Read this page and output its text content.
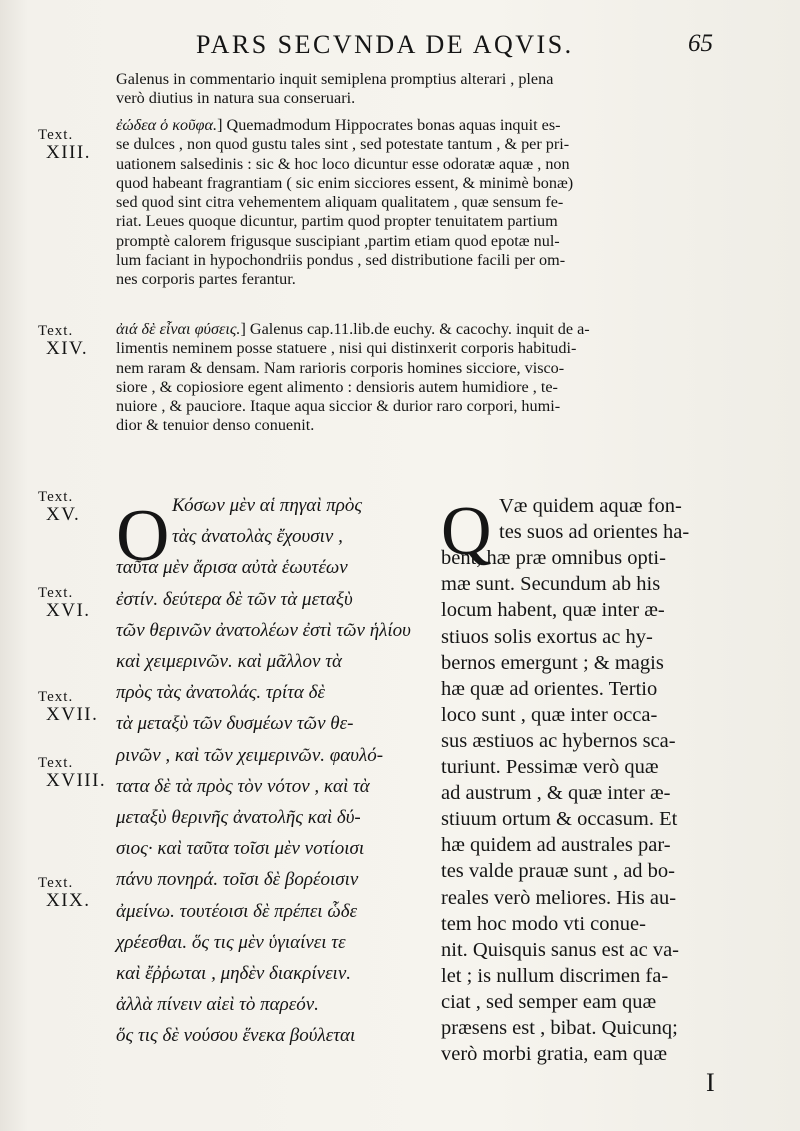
PARS SECVNDA DE AQVIS.	65
Galenus in commentario inquit semiplena promptius alterari , plena
verò diutius in natura sua conseruari.
Text.
XIII.
ἐώδεα ὁ κοῦφα.] Quemadmodum Hippocrates bonas aquas inquit es-
se dulces , non quod gustu tales sint , sed potestate tantum , & per pri-
uationem salsedinis : sic & hoc loco dicuntur esse odoratæ aquæ , non
quod habeant fragrantiam ( sic enim sicciores essent, & minimè bonæ)
sed quod sint citra vehementem aliquam qualitatem , quæ sensum fe-
riat. Leues quoque dicuntur, partim quod propter tenuitatem partium
promptè calorem frigusque suscipiant ,partim etiam quod epotæ nul-
lum faciant in hypochondriis pondus , sed distributione facili per om-
nes corporis partes ferantur.
Text.
XIV.
ἀιά δὲ εἶναι φύσεις.] Galenus cap.11.lib.de euchy. & cacochy. inquit de a-
limentis neminem posse statuere , nisi qui distinxerit corporis habitudi-
nem raram & densam. Nam rarioris corporis homines sicciore, visco-
siore , & copiosiore egent alimento : densioris autem humidiore , te-
nuiore , & pauciore. Itaque aqua siccior & durior raro corpori, humi-
dior & tenuior denso conuenit.
Text.
XV.
Text.
XVI.
Text.
XVII.
Text.
XVIII.
Text.
XIX.
O Κόσων μὲν αἱ πηγαὶ πρὸς
τὰς ἀνατολὰς ἔχουσιν ,
ταῦτα μὲν ἄρισα αὐτὰ ἑωυτέων
ἐστίν. δεύτερα δὲ τῶν τὰ μεταξὺ
τῶν θερινῶν ἀνατολέων ἐστὶ τῶν ἡλίου
καὶ χειμερινῶν. καὶ μᾶλλον τὰ
πρὸς τὰς ἀνατολάς. τρίτα δὲ
τὰ μεταξὺ τῶν δυσμέων τῶν θε-
ρινῶν , καὶ τῶν χειμερινῶν. φαυλό-
τατα δὲ τὰ πρὸς τὸν νότον , καὶ τὰ
μεταξὺ θερινῆς ἀνατολῆς καὶ δύ-
σιος· καὶ ταῦτα τοῖσι μὲν νοτίοισι
πάνυ πονηρά. τοῖσι δὲ βορέοισιν
ἀμείνω. τουτέοισι δὲ πρέπει ὧδε
χρέεσθαι. ὅς τις μὲν ὑγιαίνει τε
καὶ ἔῤῥωται , μηδὲν διακρίνειν.
ἀλλὰ πίνειν αἰεὶ τὸ παρεόν.
ὅς τις δὲ νούσου ἕνεκα βούλεται
Q Væ quidem aquæ fon-
tes suos ad orientes ha-
bent, hæ præ omnibus opti-
mæ sunt. Secundum ab his
locum habent, quæ inter æ-
stiuos solis exortus ac hy-
bernos emergunt ; & magis
hæ quæ ad orientes. Tertio
loco sunt , quæ inter occa-
sus æstiuos ac hybernos sca-
turiunt. Pessimæ verò quæ
ad austrum , & quæ inter æ-
stiuum ortum & occasum. Et
hæ quidem ad australes par-
tes valde prauæ sunt , ad bo-
reales verò meliores. His au-
tem hoc modo vti conue-
nit. Quisquis sanus est ac va-
let ; is nullum discrimen fa-
ciat , sed semper eam quæ
præsens est , bibat. Quicunq;
verò morbi gratia, eam quæ
I
